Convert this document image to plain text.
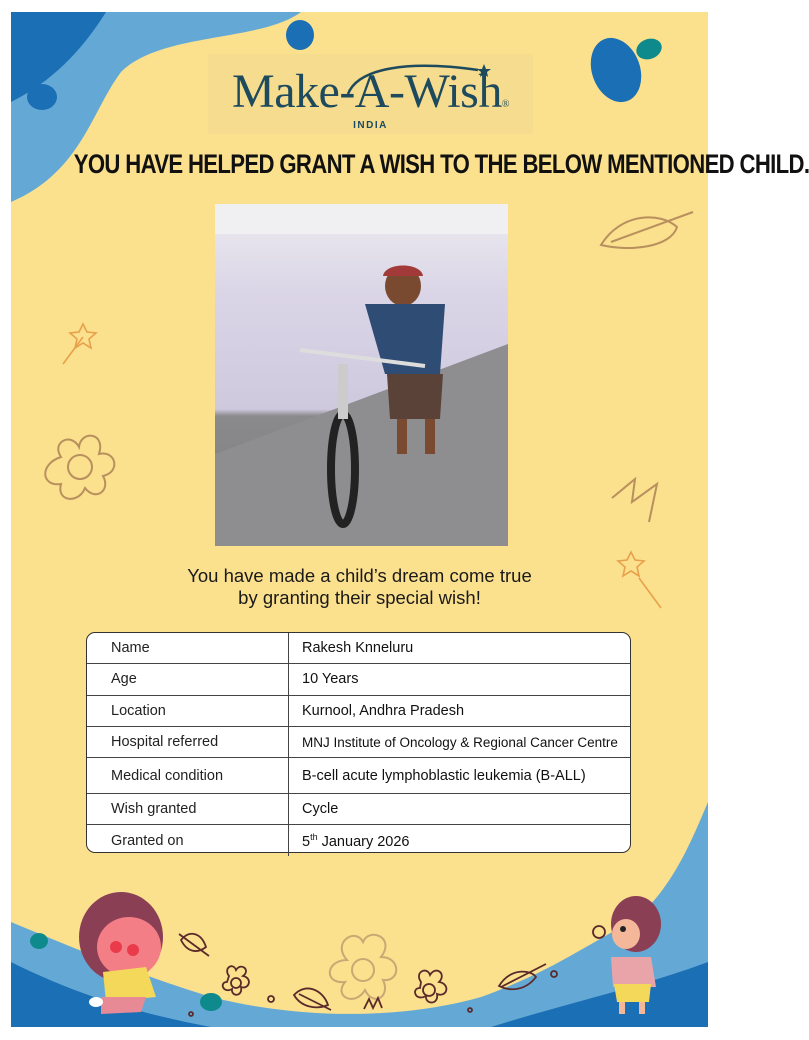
Make-A-Wish®
INDIA
YOU HAVE HELPED GRANT A WISH TO THE BELOW MENTIONED CHILD.
You have made a child’s dream come true
by granting their special wish!
Name	Rakesh Knneluru
Age	10 Years
Location	Kurnool, Andhra Pradesh
Hospital referred	MNJ Institute of Oncology & Regional Cancer Centre
Medical condition	B-cell acute lymphoblastic leukemia (B-ALL)
Wish granted	Cycle
Granted on	5th January 2026
